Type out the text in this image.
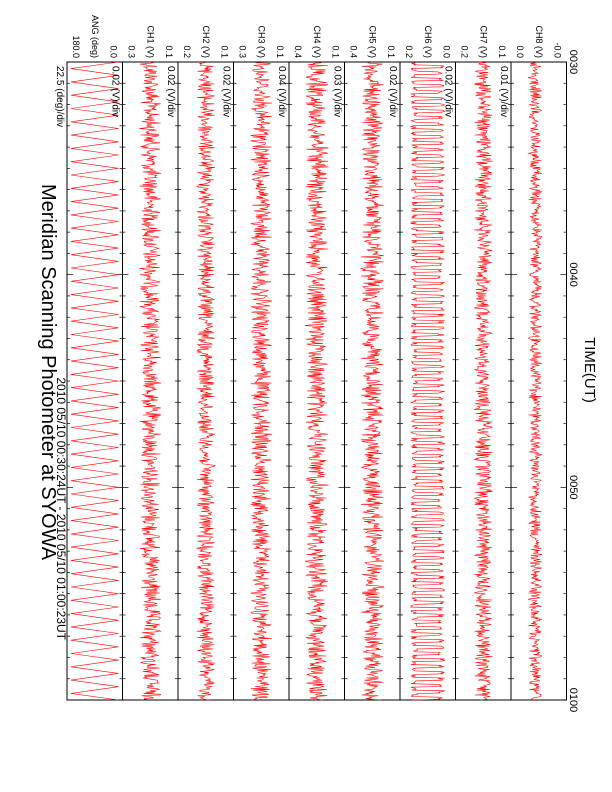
Meridian Scanning Photometer at SYOWA
2010 05/10 00:30:24UT - 2010 05/10 01:00:23UT
TIME(UT)
0030
0040
0050
0100
180.0	0.0
ANG (deg)
22.5 (deg)/div
0.3	0.1
CH1 (V)
0.02 (V)/div
0.2	0.1
CH2 (V)
0.02 (V)/div
0.3	0.1
CH3 (V)
0.02 (V)/div
0.4	0.1
CH4 (V)
0.04 (V)/div
0.4	0.1
CH5 (V)
0.03 (V)/div
0.2	0.0
CH6 (V)
0.02 (V)/div
0.2	0.1
CH7 (V)
0.02 (V)/div
0.0	-0.0
CH8 (V)
0.01 (V)/div
